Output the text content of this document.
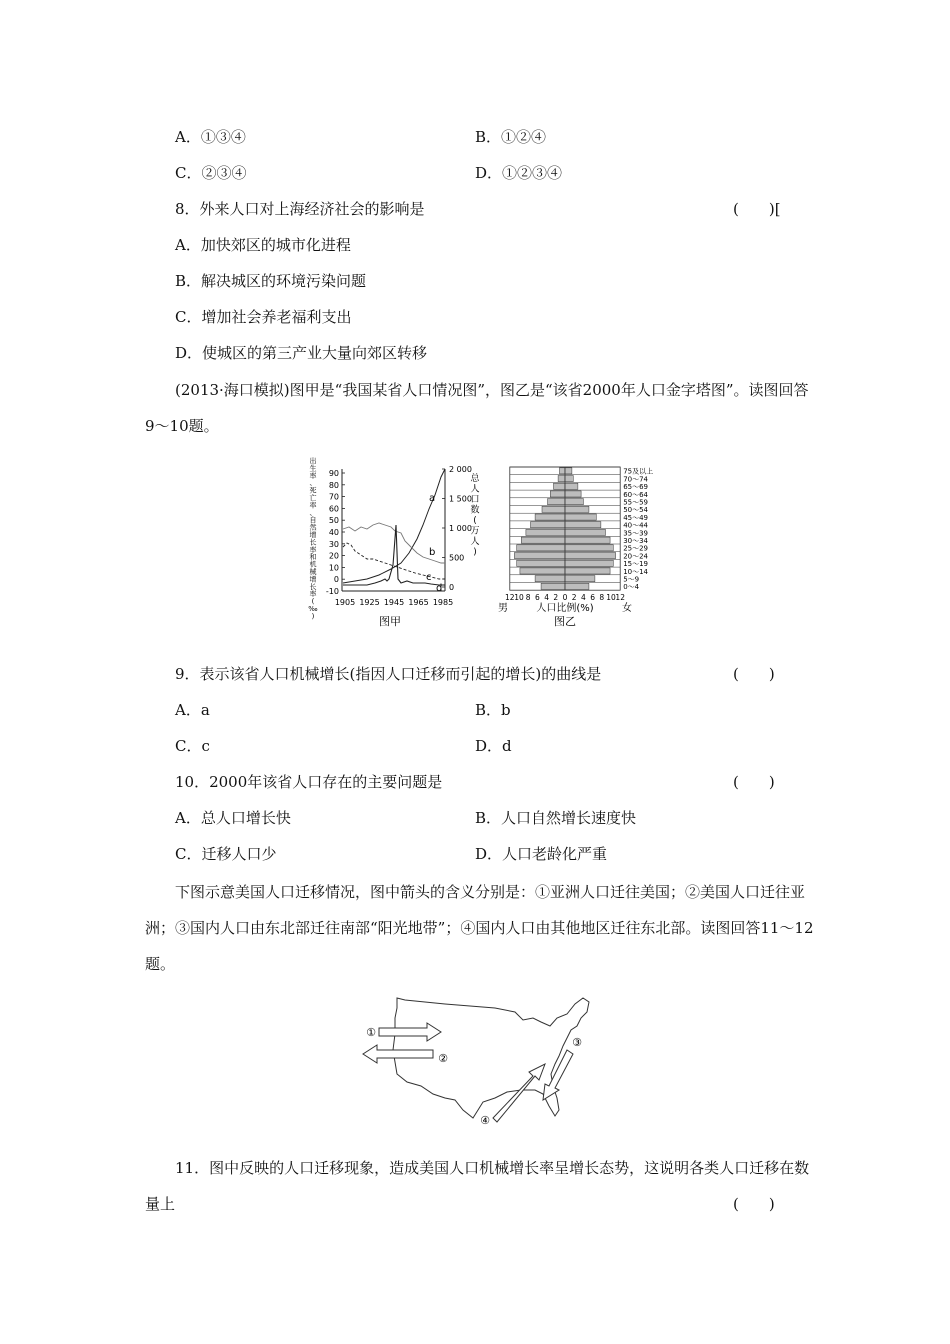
A．①③④	B．①②④
C．②③④	D．①②③④
8．外来人口对上海经济社会的影响是	(　　)[
A．加快郊区的城市化进程
B．解决城区的环境污染问题
C．增加社会养老福利支出
D．使城区的第三产业大量向郊区转移
(2013·海口模拟)图甲是“我国某省人口情况图”，图乙是“该省2000年人口金字塔图”。读图回答9～10题。
出
生
率
、
死
亡
率
、
自
然
增
长
率
和
机
械
增
长
率
(
‰
)
90
80
70
60
50
40
30
20
10
0
-10
2 000
1 500
1 000
500
0
总
人
口
数
(
万
人
)
1905 1925 1945 1965 1985
a
b
c
d
图甲
75及以上
70～74
65～69
60～64
55～59
50～54
45～49
40～44
35～39
30～34
25～29
20～24
15～19
10～14
5～9
0～4
12 10 8 6 4 2 0 2 4 6 8 10 12
男	人口比例(%)	女
图乙
9．表示该省人口机械增长(指因人口迁移而引起的增长)的曲线是	(　　)
A．a	B．b
C．c	D．d
10．2000年该省人口存在的主要问题是	(　　)
A．总人口增长快	B．人口自然增长速度快
C．迁移人口少	D．人口老龄化严重
下图示意美国人口迁移情况，图中箭头的含义分别是：①亚洲人口迁往美国；②美国人口迁往亚洲；③国内人口由东北部迁往南部“阳光地带”；④国内人口由其他地区迁往东北部。读图回答11～12题。
①
②
④
③
11．图中反映的人口迁移现象，造成美国人口机械增长率呈增长态势，这说明各类人口迁移在数量上	(　　)
